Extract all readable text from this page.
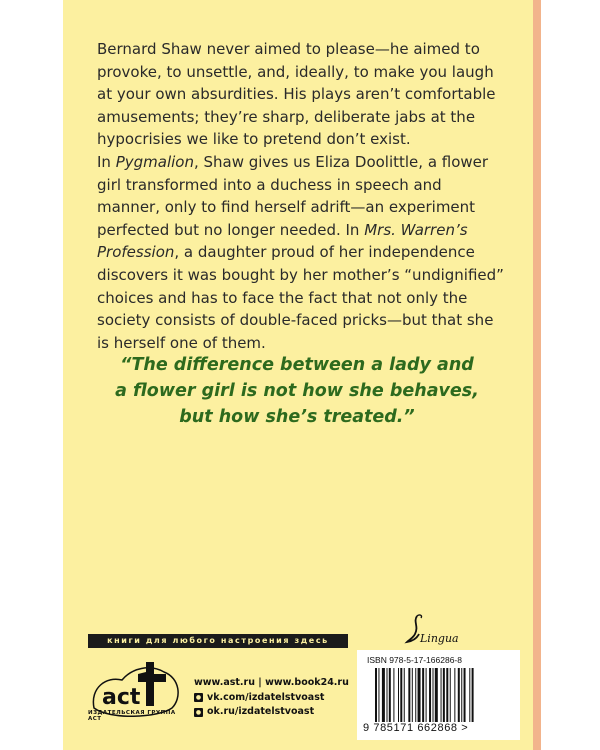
Bernard Shaw never aimed to please—he aimed to provoke, to unsettle, and, ideally, to make you laugh at your own absurdities. His plays aren’t comfortable amusements; they’re sharp, deliberate jabs at the hypocrisies we like to pretend don’t exist.

In Pygmalion, Shaw gives us Eliza Doolittle, a flower girl transformed into a duchess in speech and manner, only to find herself adrift—an experiment perfected but no longer needed. In Mrs. Warren’s Profession, a daughter proud of her independence discovers it was bought by her mother’s “undignified” choices and has to face the fact that not only the society consists of double-faced pricks—but that she is herself one of them.

“The difference between a lady and a flower girl is not how she behaves, but how she’s treated.”
книги для любого настроения здесь	Lingua
act
ИЗДАТЕЛЬСКАЯ ГРУППА АСТ
www.ast.ru | www.book24.ru
● vk.com/izdatelstvoast
● ok.ru/izdatelstvoast
ISBN 978-5-17-166286-8
9 785171 662868 >
